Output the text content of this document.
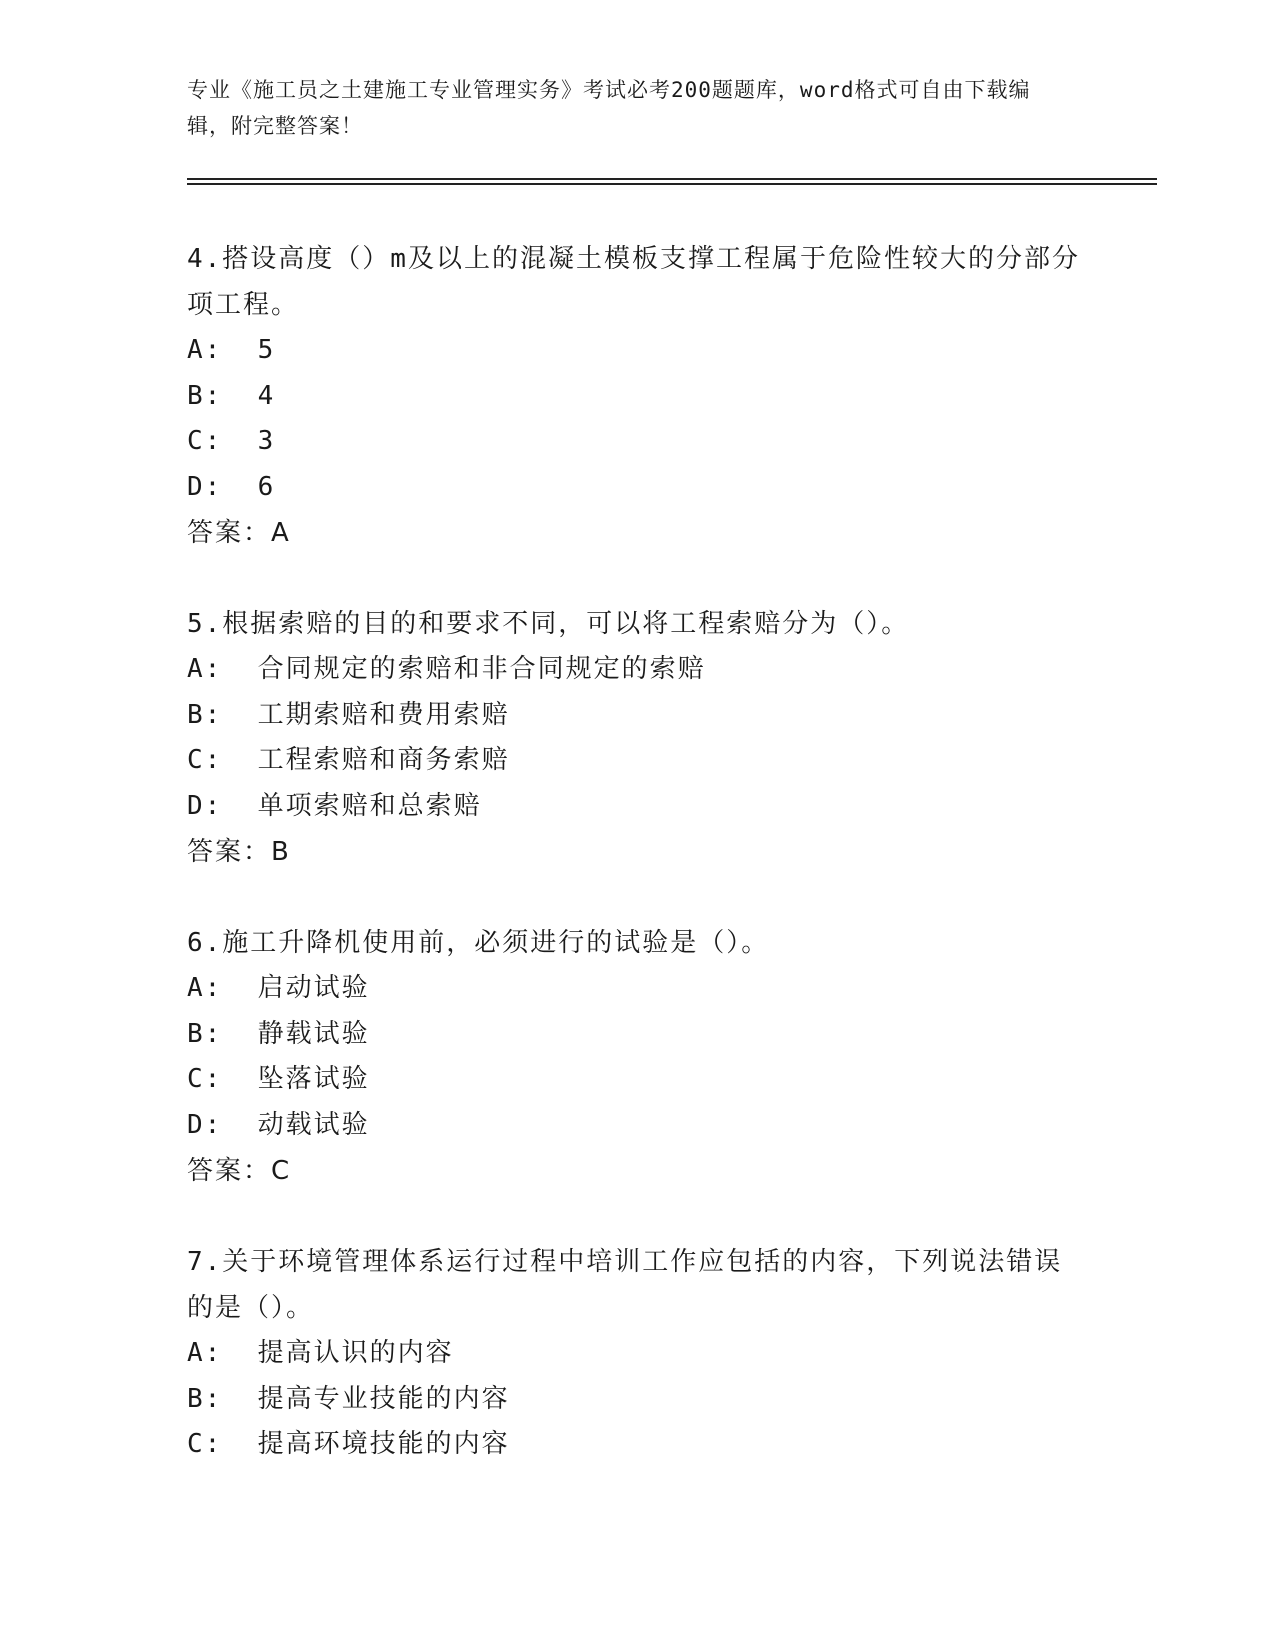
专业《施工员之土建施工专业管理实务》考试必考200题题库，word格式可自由下载编辑，附完整答案！
4.搭设高度（）m及以上的混凝土模板支撑工程属于危险性较大的分部分项工程。
A:  5
B:  4
C:  3
D:  6
答案：A
5.根据索赔的目的和要求不同，可以将工程索赔分为（）。
A:  合同规定的索赔和非合同规定的索赔
B:  工期索赔和费用索赔
C:  工程索赔和商务索赔
D:  单项索赔和总索赔
答案：B
6.施工升降机使用前，必须进行的试验是（）。
A:  启动试验
B:  静载试验
C:  坠落试验
D:  动载试验
答案：C
7.关于环境管理体系运行过程中培训工作应包括的内容，下列说法错误的是（）。
A:  提高认识的内容
B:  提高专业技能的内容
C:  提高环境技能的内容
